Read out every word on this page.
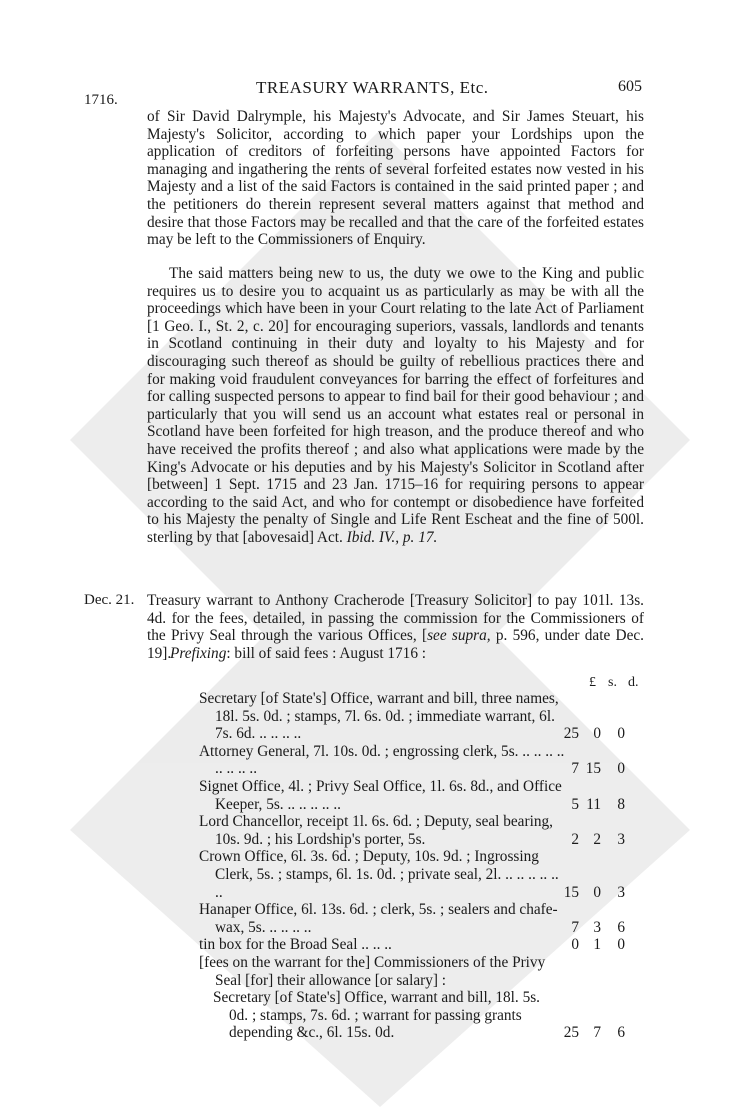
1716.
TREASURY WARRANTS, Etc.	605
of Sir David Dalrymple, his Majesty's Advocate, and Sir James Steuart, his Majesty's Solicitor, according to which paper your Lordships upon the application of creditors of forfeiting persons have appointed Factors for managing and ingathering the rents of several forfeited estates now vested in his Majesty and a list of the said Factors is contained in the said printed paper ; and the petitioners do therein represent several matters against that method and desire that those Factors may be recalled and that the care of the forfeited estates may be left to the Commissioners of Enquiry.
The said matters being new to us, the duty we owe to the King and public requires us to desire you to acquaint us as particularly as may be with all the proceedings which have been in your Court relating to the late Act of Parliament [1 Geo. I., St. 2, c. 20] for encouraging superiors, vassals, landlords and tenants in Scotland continuing in their duty and loyalty to his Majesty and for discouraging such thereof as should be guilty of rebellious practices there and for making void fraudulent conveyances for barring the effect of forfeitures and for calling suspected persons to appear to find bail for their good behaviour ; and particularly that you will send us an account what estates real or personal in Scotland have been forfeited for high treason, and the produce thereof and who have received the profits thereof ; and also what applications were made by the King's Advocate or his deputies and by his Majesty's Solicitor in Scotland after [between] 1 Sept. 1715 and 23 Jan. 1715–16 for requiring persons to appear according to the said Act, and who for contempt or disobedience have forfeited to his Majesty the penalty of Single and Life Rent Escheat and the fine of 500l. sterling by that [abovesaid] Act. Ibid. IV., p. 17.
Dec. 21. Treasury warrant to Anthony Cracherode [Treasury Solicitor] to pay 101l. 13s. 4d. for the fees, detailed, in passing the commission for the Commissioners of the Privy Seal through the various Offices, [see supra, p. 596, under date Dec. 19].
Prefixing: bill of said fees : August 1716 :
£ s. d.
Secretary [of State's] Office, warrant and bill, three names, 18l. 5s. 0d. ; stamps, 7l. 6s. 0d. ; immediate warrant, 6l. 7s. 6d. .. .. .. ..	25 0	0
Attorney General, 7l. 10s. 0d. ; engrossing clerk, 5s. .. .. .. .. .. .. .. ..	7 15	0
Signet Office, 4l. ; Privy Seal Office, 1l. 6s. 8d., and Office Keeper, 5s. .. .. .. .. ..	5 11	8
Lord Chancellor, receipt 1l. 6s. 6d. ; Deputy, seal bearing, 10s. 9d. ; his Lordship's porter, 5s.	2 2	3
Crown Office, 6l. 3s. 6d. ; Deputy, 10s. 9d. ; Ingrossing Clerk, 5s. ; stamps, 6l. 1s. 0d. ; private seal, 2l. .. .. .. .. .. ..	15 0	3
Hanaper Office, 6l. 13s. 6d. ; clerk, 5s. ; sealers and chafe-wax, 5s. .. .. .. ..	7 3	6
tin box for the Broad Seal .. .. ..	0 1	0
[fees on the warrant for the] Commissioners of the Privy Seal [for] their allowance [or salary] :
Secretary [of State's] Office, warrant and bill, 18l. 5s. 0d. ; stamps, 7s. 6d. ; warrant for passing grants depending &c., 6l. 15s. 0d.	25 7	6
